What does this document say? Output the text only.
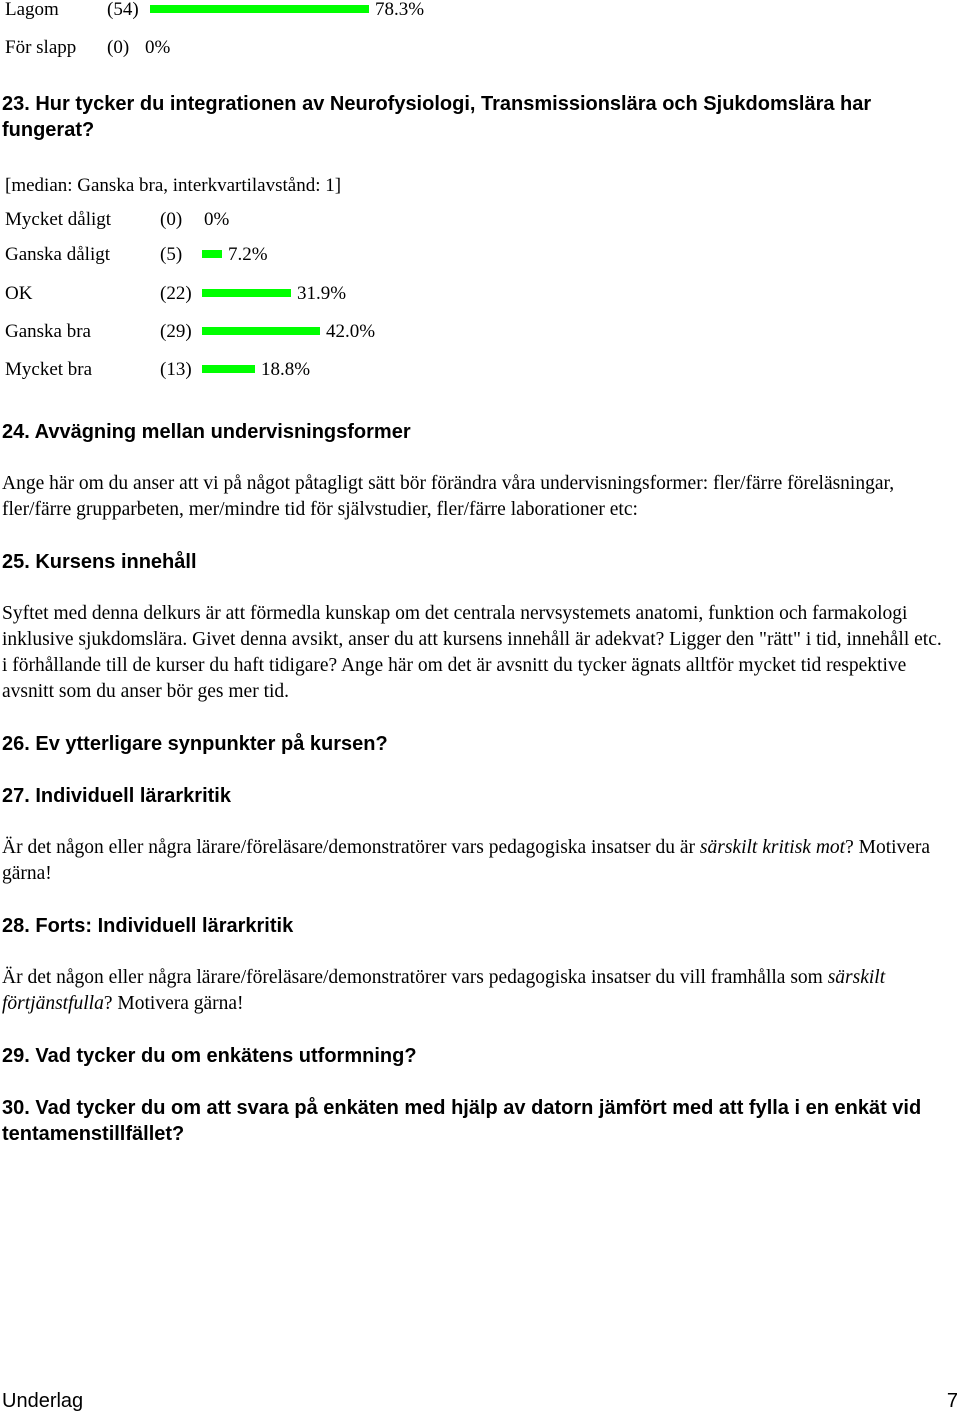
Lagom	(54)	78.3%
För slapp (0) 0%
23. Hur tycker du integrationen av Neurofysiologi, Transmissionslära och Sjukdomslära har fungerat?
[median: Ganska bra, interkvartilavstånd: 1]
Mycket dåligt	(0) 0%
Ganska dåligt	(5) 7.2%
OK	(22)	31.9%
Ganska bra	(29)	42.0%
Mycket bra	(13)	18.8%
24. Avvägning mellan undervisningsformer

Ange här om du anser att vi på något påtagligt sätt bör förändra våra undervisningsformer: fler/färre föreläsningar, fler/färre grupparbeten, mer/mindre tid för självstudier, fler/färre laborationer etc:

25. Kursens innehåll

Syftet med denna delkurs är att förmedla kunskap om det centrala nervsystemets anatomi, funktion och farmakologi inklusive sjukdomslära. Givet denna avsikt, anser du att kursens innehåll är adekvat? Ligger den "rätt" i tid, innehåll etc. i förhållande till de kurser du haft tidigare? Ange här om det är avsnitt du tycker ägnats alltför mycket tid respektive avsnitt som du anser bör ges mer tid.

26. Ev ytterligare synpunkter på kursen?
27. Individuell lärarkritik

Är det någon eller några lärare/föreläsare/demonstratörer vars pedagogiska insatser du är särskilt kritisk mot? Motivera gärna!

28. Forts: Individuell lärarkritik

Är det någon eller några lärare/föreläsare/demonstratörer vars pedagogiska insatser du vill framhålla som särskilt förtjänstfulla? Motivera gärna!

29. Vad tycker du om enkätens utformning?
30. Vad tycker du om att svara på enkäten med hjälp av datorn jämfört med att fylla i en enkät vid tentamenstillfället?
Underlag	7
